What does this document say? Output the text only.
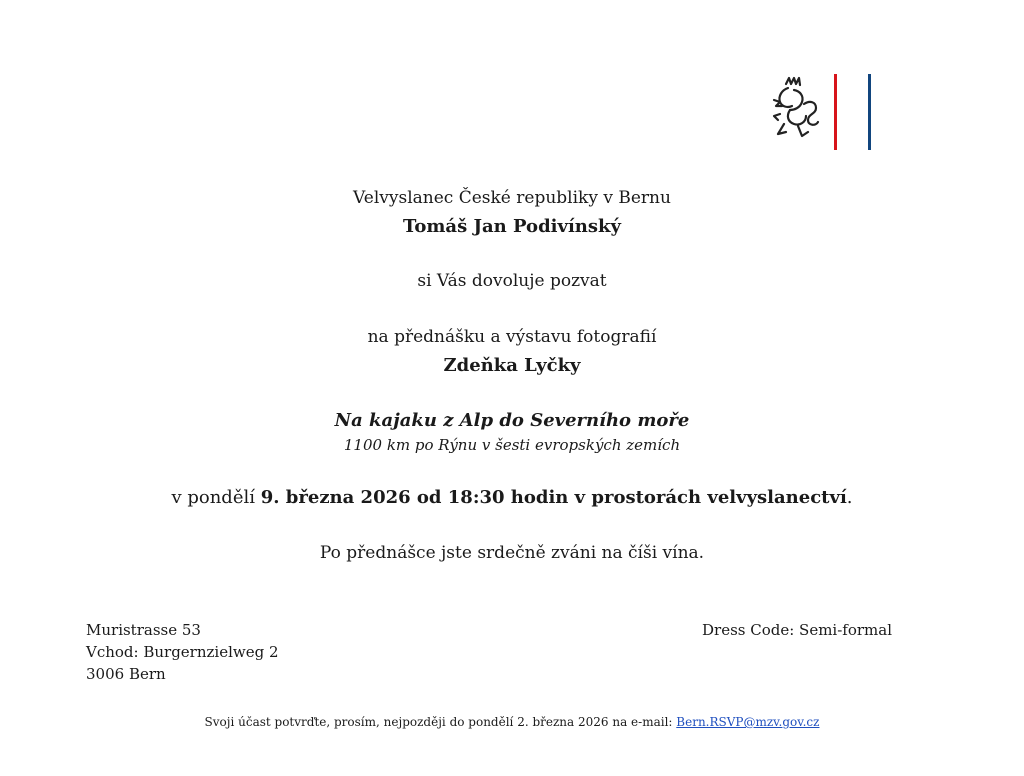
Velvyslanec České republiky v Bernu
Tomáš Jan Podivínský
si Vás dovoluje pozvat
na přednášku a výstavu fotografií
Zdeňka Lyčky
Na kajaku z Alp do Severního moře
1100 km po Rýnu v šesti evropských zemích
v pondělí 9. března 2026 od 18:30 hodin v prostorách velvyslanectví.
Po přednášce jste srdečně zváni na číši vína.
Muristrasse 53
Vchod: Burgernzielweg 2
3006 Bern
Dress Code: Semi-formal
Svoji účast potvrďte, prosím, nejpozději do pondělí 2. března 2026 na e-mail: Bern.RSVP@mzv.gov.cz
